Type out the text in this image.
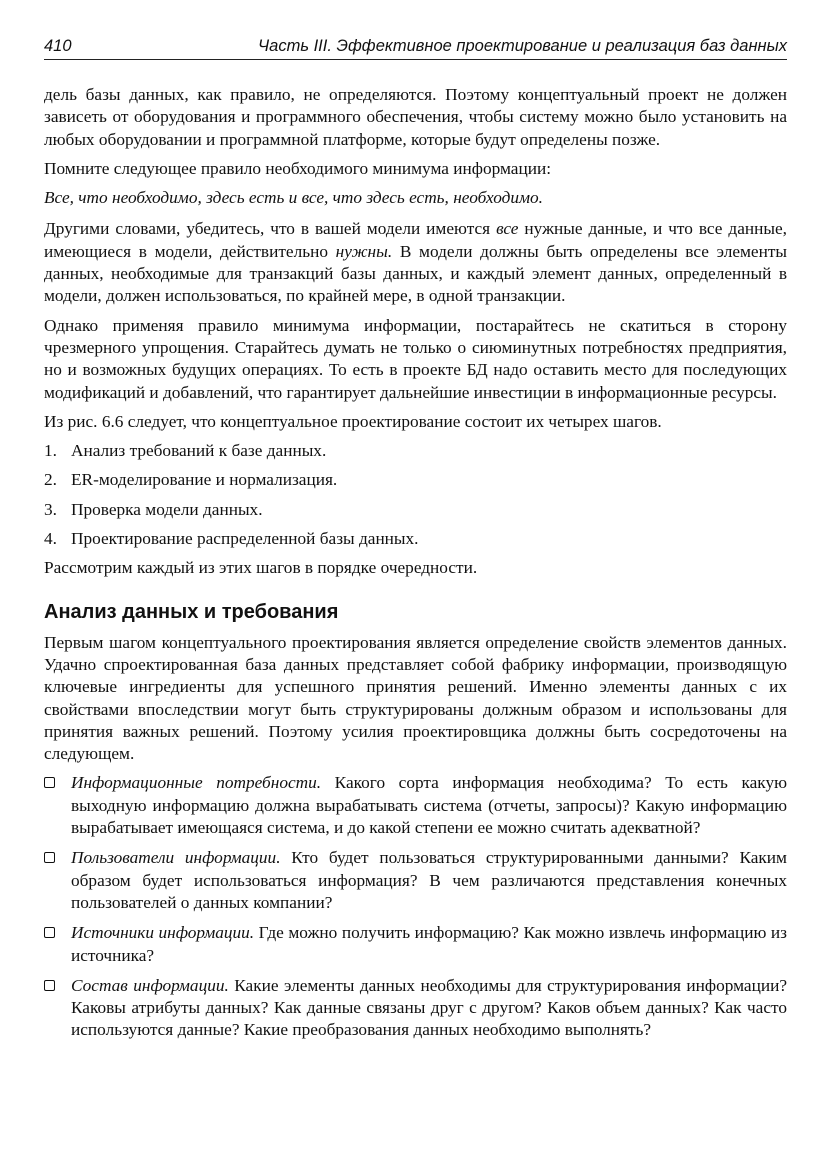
410	Часть III. Эффективное проектирование и реализация баз данных

дель базы данных, как правило, не определяются. Поэтому концептуальный проект не должен зависеть от оборудования и программного обеспечения, чтобы систему можно было установить на любых оборудовании и программной платформе, которые будут определены позже.

Помните следующее правило необходимого минимума информации:

Все, что необходимо, здесь есть и все, что здесь есть, необходимо.

Другими словами, убедитесь, что в вашей модели имеются все нужные данные, и что все данные, имеющиеся в модели, действительно нужны. В модели должны быть определены все элементы данных, необходимые для транзакций базы данных, и каждый элемент данных, определенный в модели, должен использоваться, по крайней мере, в одной транзакции.

Однако применяя правило минимума информации, постарайтесь не скатиться в сторону чрезмерного упрощения. Старайтесь думать не только о сиюминутных потребностях предприятия, но и возможных будущих операциях. То есть в проекте БД надо оставить место для последующих модификаций и добавлений, что гарантирует дальнейшие инвестиции в информационные ресурсы.

Из рис. 6.6 следует, что концептуальное проектирование состоит их четырех шагов.

1. Анализ требований к базе данных.
2. ER-моделирование и нормализация.
3. Проверка модели данных.
4. Проектирование распределенной базы данных.

Рассмотрим каждый из этих шагов в порядке очередности.

Анализ данных и требования

Первым шагом концептуального проектирования является определение свойств элементов данных. Удачно спроектированная база данных представляет собой фабрику информации, производящую ключевые ингредиенты для успешного принятия решений. Именно элементы данных с их свойствами впоследствии могут быть структурированы должным образом и использованы для принятия важных решений. Поэтому усилия проектировщика должны быть сосредоточены на следующем.

Информационные потребности. Какого сорта информация необходима? То есть какую выходную информацию должна вырабатывать система (отчеты, запросы)? Какую информацию вырабатывает имеющаяся система, и до какой степени ее можно считать адекватной?

Пользователи информации. Кто будет пользоваться структурированными данными? Каким образом будет использоваться информация? В чем различаются представления конечных пользователей о данных компании?

Источники информации. Где можно получить информацию? Как можно извлечь информацию из источника?

Состав информации. Какие элементы данных необходимы для структурирования информации? Каковы атрибуты данных? Как данные связаны друг с другом? Каков объем данных? Как часто используются данные? Какие преобразования данных необходимо выполнять?
